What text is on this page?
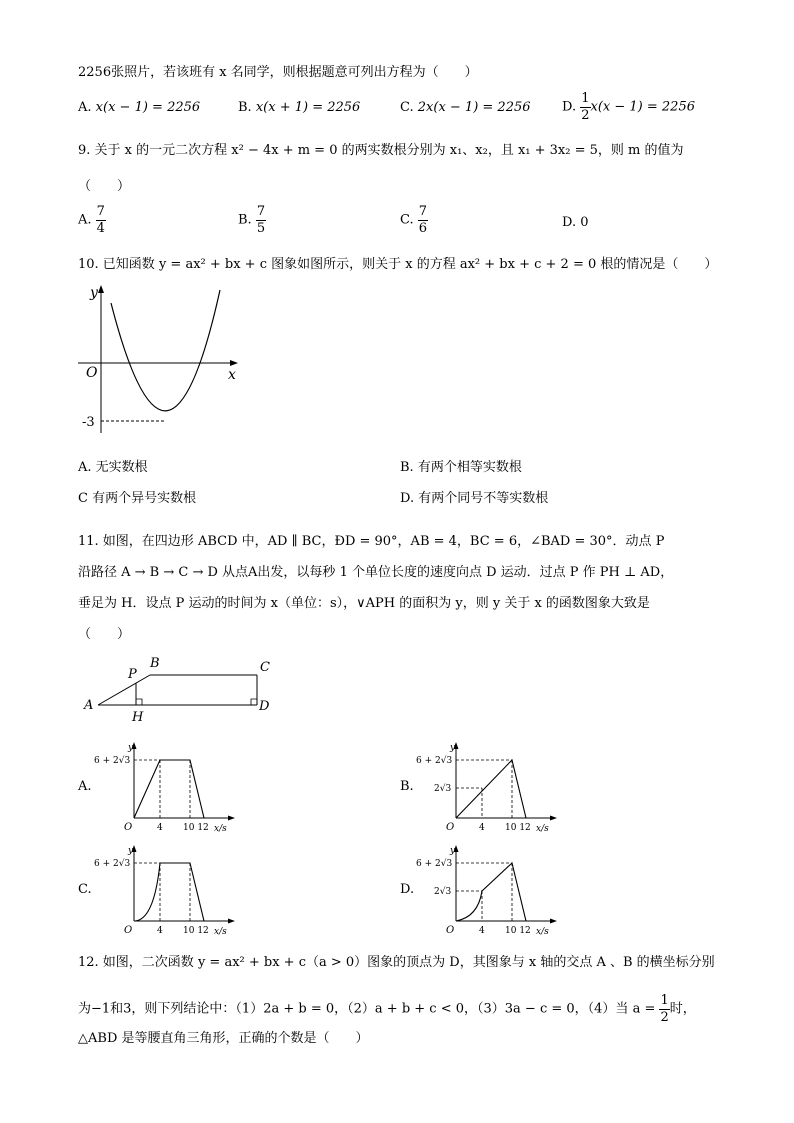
2256张照片，若该班有 x 名同学，则根据题意可列出方程为（　　）
A. x(x − 1) = 2256	B. x(x + 1) = 2256	C. 2x(x − 1) = 2256 D. $\frac{1}{2} x(x - 1) = 2256$
9. 关于 x 的一元二次方程 x² − 4x + m = 0 的两实数根分别为 x₁、x₂，且 x₁ + 3x₂ = 5，则 m 的值为
（　　）
A. $\frac{7}{4}$	B. $\frac{7}{5}$	C. $\frac{7}{6}$	D. 0
10. 已知函数 y = ax² + bx + c 图象如图所示，则关于 x 的方程 ax² + bx + c + 2 = 0 根的情况是（　　）
y
x
O
-3
A. 无实数根	B. 有两个相等实数根
C 有两个异号实数根	D. 有两个同号不等实数根
11. 如图，在四边形 ABCD 中，AD ∥ BC，ÐD = 90°，AB = 4，BC = 6，∠BAD = 30°．动点 P
沿路径 A → B → C → D 从点A出发，以每秒 1 个单位长度的速度向点 D 运动．过点 P 作 PH ⊥ AD，
垂足为 H．设点 P 运动的时间为 x（单位：s），∨APH 的面积为 y，则 y 关于 x 的函数图象大致是
（　　）
A
B	C
D
P
H
A.
6 + 2√3
y
O	4 10 12 x/s
B. 2√3
6 + 2√3
y
O	4 10 12 x/s
C.
6 + 2√3
y
O	4 10 12 x/s
D. 2√3
6 + 2√3
y
O	4 10 12 x/s
12. 如图，二次函数 y = ax² + bx + c（a > 0）图象的顶点为 D，其图象与 x 轴的交点 A 、B 的横坐标分别
为−1和3，则下列结论中：（1）2a + b = 0，（2）a + b + c < 0，（3）3a − c = 0，（4）当 $a = \frac{1}{2}$ 时，
△ABD 是等腰直角三角形，正确的个数是（　　）
